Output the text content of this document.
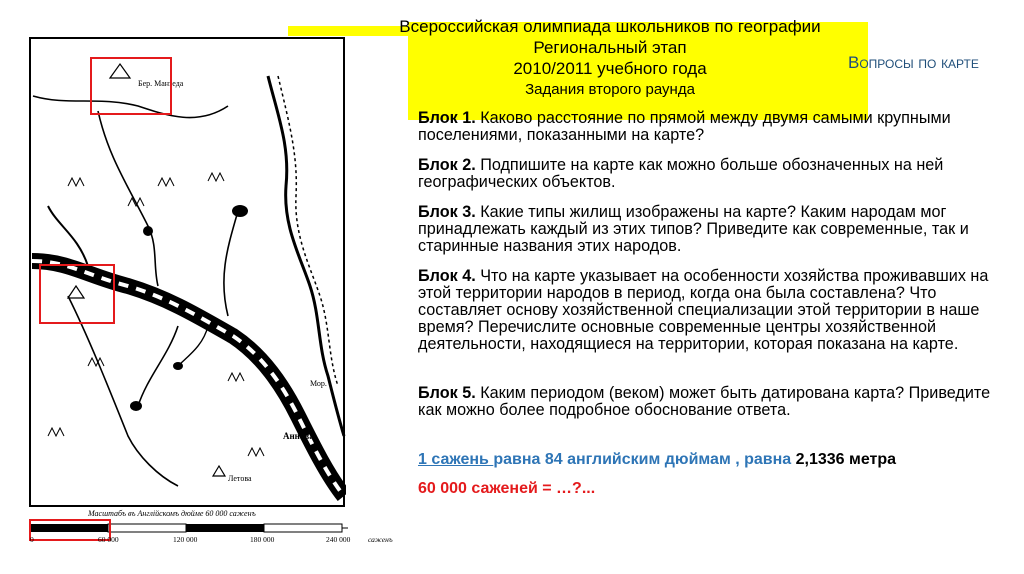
Всероссийская олимпиада школьников по географии
Региональный этап
2010/2011 учебного года
Задания второго раунда
Вопросы по карте
Блок 1. Каково расстояние по прямой между двумя самыми крупными поселениями, показанными на карте?
Блок 2. Подпишите на карте как можно больше обозначенных на ней географических объектов.
Блок 3. Какие типы жилищ изображены на карте? Каким народам мог принадлежать каждый из этих типов? Приведите как современные, так и старинные названия этих народов.
Блок 4. Что на карте указывает на особенности хозяйства проживавших на этой территории народов в период, когда она была составлена? Что составляет основу хозяйственной специализации этой территории в наше время? Перечислите основные современные центры хозяйственной деятельности, находящиеся на территории, которая показана на карте.
Блок 5. Каким периодом (веком) может быть датирована карта? Приведите как можно более подробное обоснование ответа.
1 сажень равна 84 английским дюймам , равна 2,1336 метра
60 000 саженей = …?...
Бер. Манзеда
Мор.
Аннава
Летова
Масштабъ въ Англійскомъ дюйме 60 000 саженъ
0	60 000	120 000	180 000	240 000 саженъ
